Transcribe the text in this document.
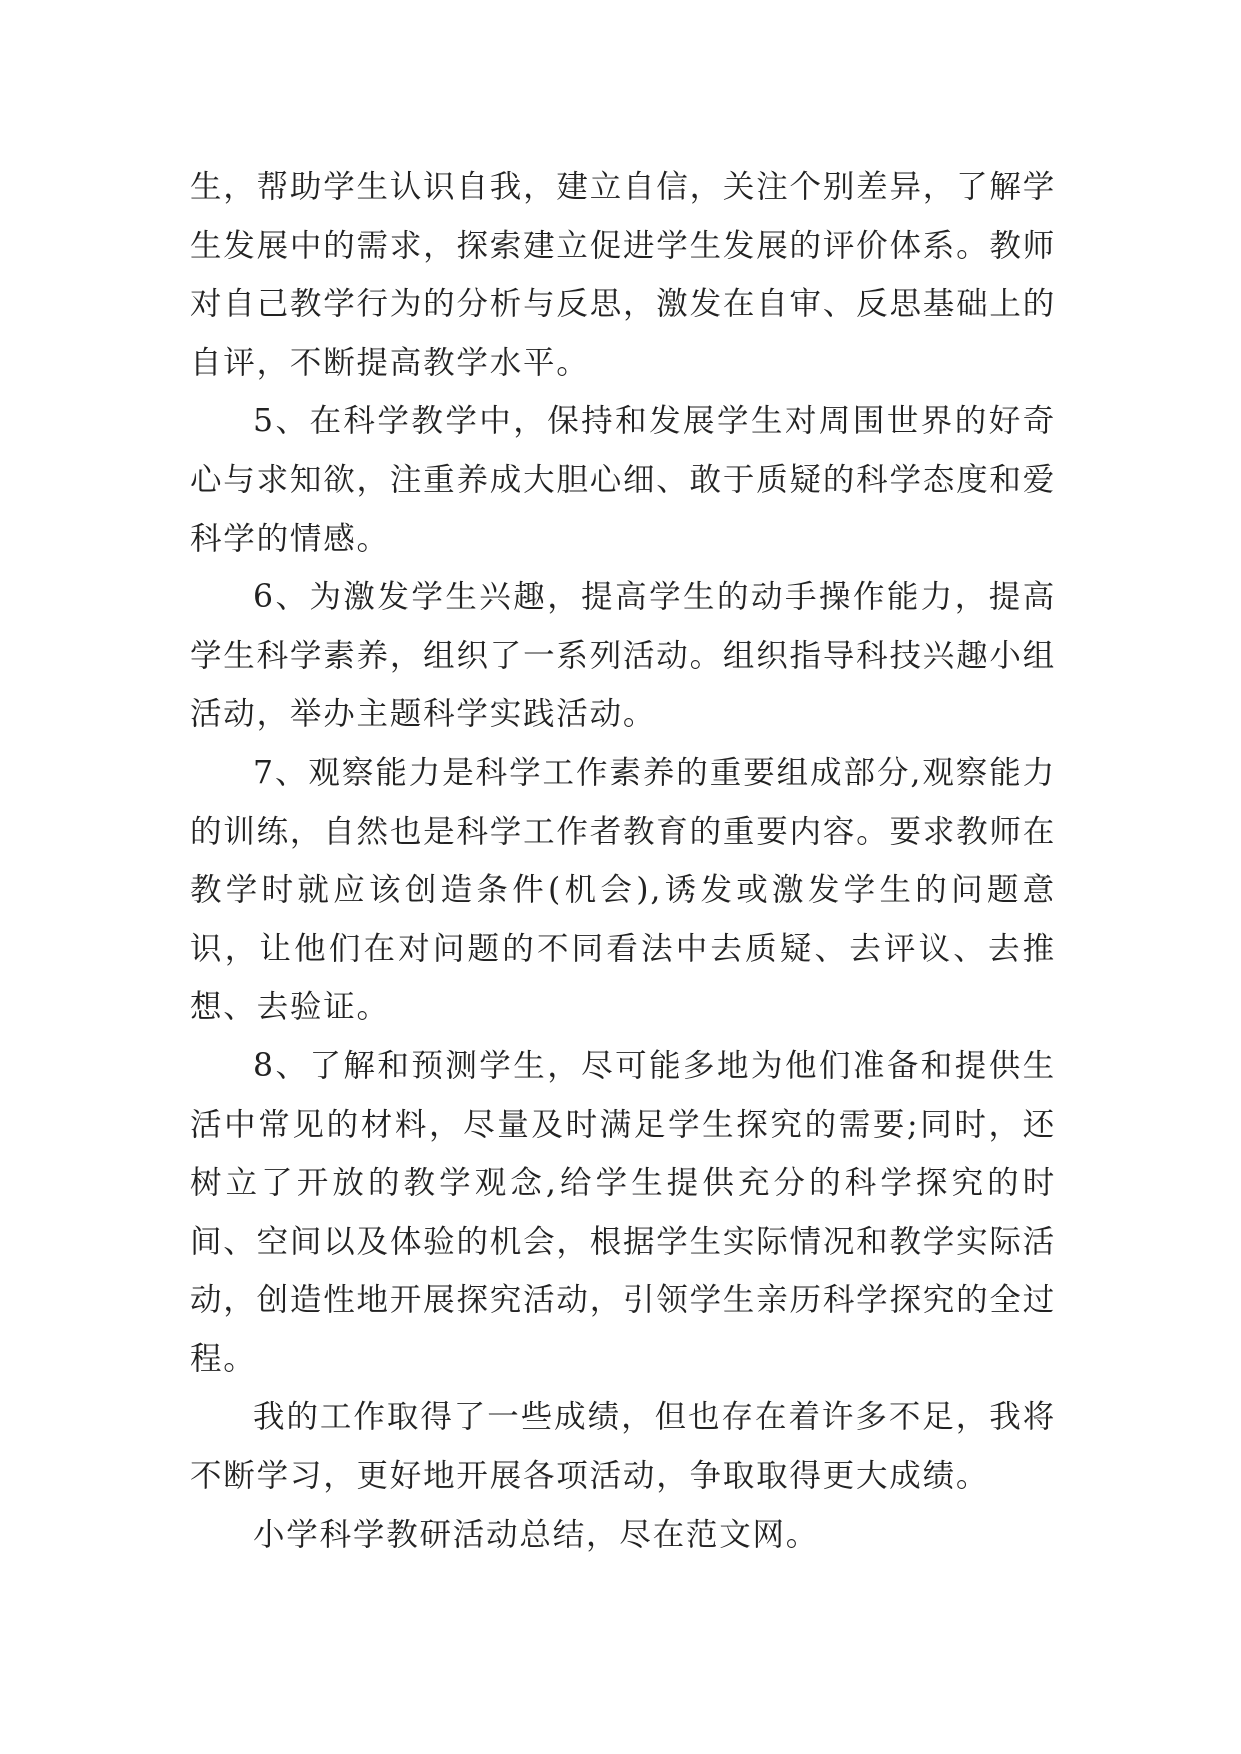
生，帮助学生认识自我，建立自信，关注个别差异，了解学生发展中的需求，探索建立促进学生发展的评价体系。教师对自己教学行为的分析与反思，激发在自审、反思基础上的自评，不断提高教学水平。

5、在科学教学中，保持和发展学生对周围世界的好奇心与求知欲，注重养成大胆心细、敢于质疑的科学态度和爱科学的情感。

6、为激发学生兴趣，提高学生的动手操作能力，提高学生科学素养，组织了一系列活动。组织指导科技兴趣小组活动，举办主题科学实践活动。

7、观察能力是科学工作素养的重要组成部分,观察能力的训练，自然也是科学工作者教育的重要内容。要求教师在教学时就应该创造条件(机会),诱发或激发学生的问题意识，让他们在对问题的不同看法中去质疑、去评议、去推想、去验证。

8、了解和预测学生，尽可能多地为他们准备和提供生活中常见的材料，尽量及时满足学生探究的需要;同时，还树立了开放的教学观念,给学生提供充分的科学探究的时间、空间以及体验的机会，根据学生实际情况和教学实际活动，创造性地开展探究活动，引领学生亲历科学探究的全过程。

我的工作取得了一些成绩，但也存在着许多不足，我将不断学习，更好地开展各项活动，争取取得更大成绩。

小学科学教研活动总结，尽在范文网。
